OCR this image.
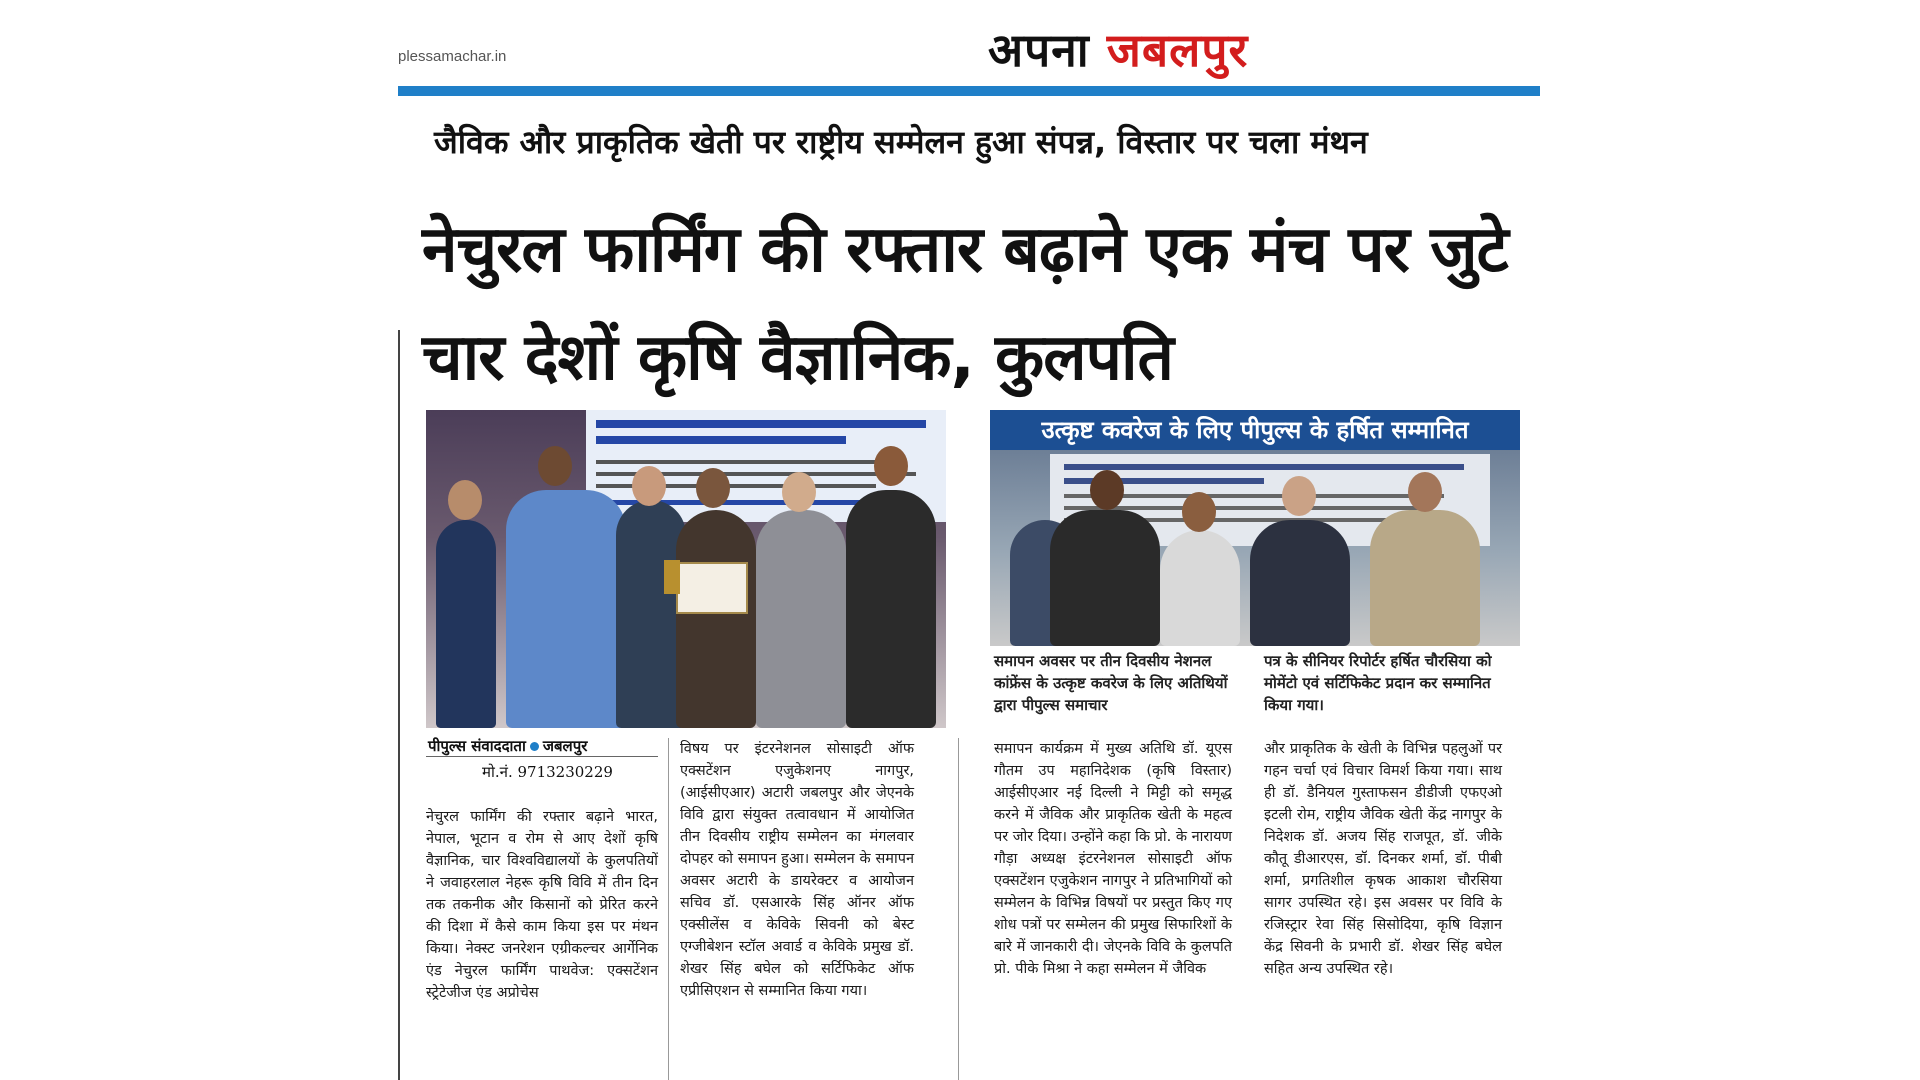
plessamachar.in	अपना जबलपुर
जैविक और प्राकृतिक खेती पर राष्ट्रीय सम्मेलन हुआ संपन्न, विस्तार पर चला मंथन
नेचुरल फार्मिंग की रफ्तार बढ़ाने एक मंच पर जुटे चार देशों कृषि वैज्ञानिक, कुलपति
उत्कृष्ट कवरेज के लिए पीपुल्स के हर्षित सम्मानित
समापन अवसर पर तीन दिवसीय नेशनल कांफ्रेंस के उत्कृष्ट कवरेज के लिए अतिथियों द्वारा पीपुल्स समाचार
पत्र के सीनियर रिपोर्टर हर्षित चौरसिया को मोमेंटो एवं सर्टिफिकेट प्रदान कर सम्मानित किया गया।
पीपुल्स संवाददाता जबलपुर
मो.नं. 9713230229
नेचुरल फार्मिंग की रफ्तार बढ़ाने भारत, नेपाल, भूटान व रोम से आए देशों कृषि वैज्ञानिक, चार विश्वविद्यालयों के कुलपतियों ने जवाहरलाल नेहरू कृषि विवि में तीन दिन तक तकनीक और किसानों को प्रेरित करने की दिशा में कैसे काम किया इस पर मंथन किया। नेक्स्ट जनरेशन एग्रीकल्चर आर्गेनिक एंड नेचुरल फार्मिंग पाथवेज: एक्सटेंशन स्ट्रेटेजीज एंड अप्रोचेस
विषय पर इंटरनेशनल सोसाइटी ऑफ एक्सटेंशन एजुकेशनए नागपुर, (आईसीएआर) अटारी जबलपुर और जेएनके विवि द्वारा संयुक्त तत्वावधान में आयोजित तीन दिवसीय राष्ट्रीय सम्मेलन का मंगलवार दोपहर को समापन हुआ। सम्मेलन के समापन अवसर अटारी के डायरेक्टर व आयोजन सचिव डॉ. एसआरके सिंह ऑनर ऑफ एक्सीलेंस व केविके सिवनी को बेस्ट एग्जीबेशन स्टॉल अवार्ड व केविके प्रमुख डॉ. शेखर सिंह बघेल को सर्टिफिकेट ऑफ एप्रीसिएशन से सम्मानित किया गया।
समापन कार्यक्रम में मुख्य अतिथि डॉ. यूएस गौतम उप महानिदेशक (कृषि विस्तार) आईसीएआर नई दिल्ली ने मिट्टी को समृद्ध करने में जैविक और प्राकृतिक खेती के महत्व पर जोर दिया। उन्होंने कहा कि प्रो. के नारायण गौड़ा अध्यक्ष इंटरनेशनल सोसाइटी ऑफ एक्सटेंशन एजुकेशन नागपुर ने प्रतिभागियों को सम्मेलन के विभिन्न विषयों पर प्रस्तुत किए गए शोध पत्रों पर सम्मेलन की प्रमुख सिफारिशों के बारे में जानकारी दी। जेएनके विवि के कुलपति प्रो. पीके मिश्रा ने कहा सम्मेलन में जैविक
और प्राकृतिक के खेती के विभिन्न पहलुओं पर गहन चर्चा एवं विचार विमर्श किया गया। साथ ही डॉ. डैनियल गुस्ताफसन डीडीजी एफएओ इटली रोम, राष्ट्रीय जैविक खेती केंद्र नागपुर के निदेशक डॉ. अजय सिंह राजपूत, डॉ. जीके कौतू डीआरएस, डॉ. दिनकर शर्मा, डॉ. पीबी शर्मा, प्रगतिशील कृषक आकाश चौरसिया सागर उपस्थित रहे। इस अवसर पर विवि के रजिस्ट्रार रेवा सिंह सिसोदिया, कृषि विज्ञान केंद्र सिवनी के प्रभारी डॉ. शेखर सिंह बघेल सहित अन्य उपस्थित रहे।
